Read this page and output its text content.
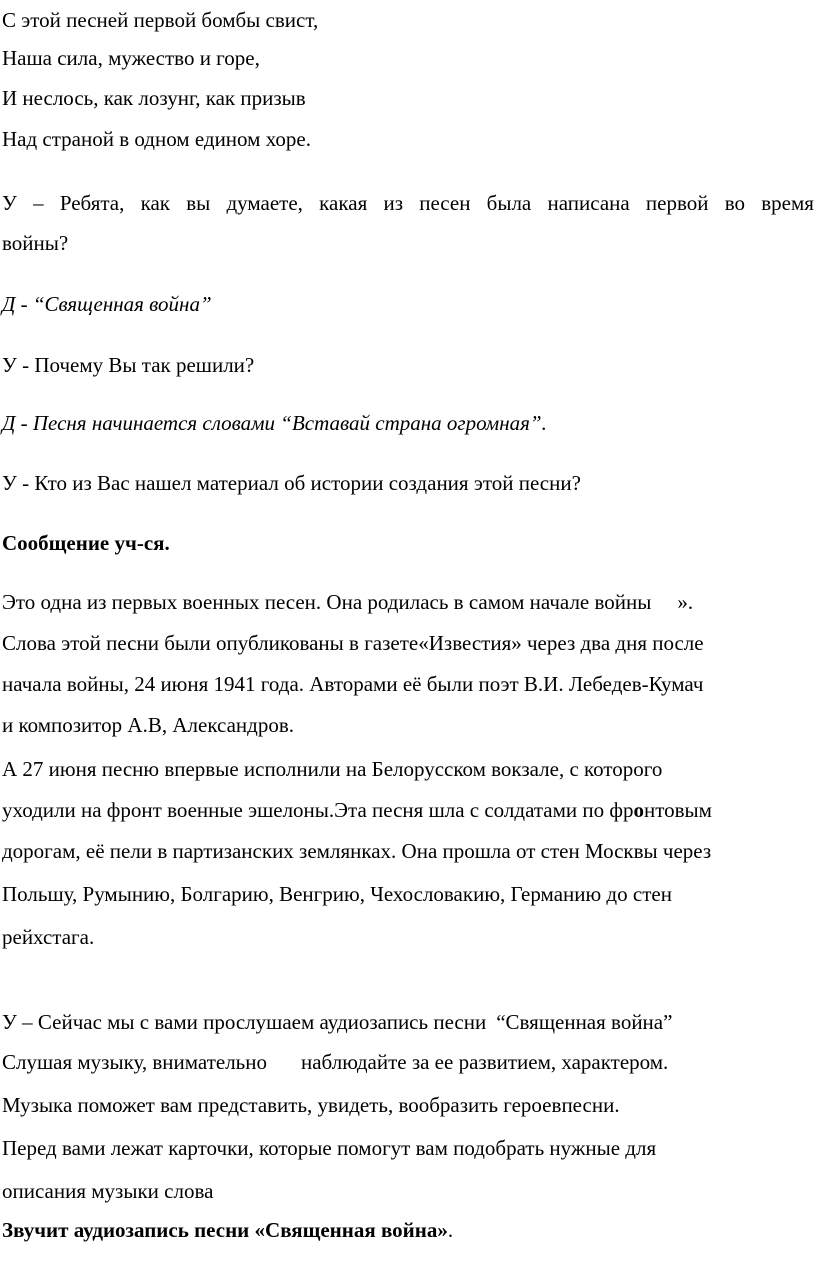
С этой песней первой бомбы свист,
Наша сила, мужество и горе,
И неслось, как лозунг, как призыв
Над страной в одном едином хоре.
У – Ребята, как вы думаете, какая из песен была написана первой во время
войны?
Д - “Священная война”
У - Почему Вы так решили?
Д - Песня начинается словами “Вставай страна огромная”.
У - Кто из Вас нашел материал об истории создания этой песни?
Сообщение уч-ся.
Это одна из первых военных песен. Она родилась в самом начале войны ».
Слова этой песни были опубликованы в газете«Известия» через два дня после
начала войны, 24 июня 1941 года. Авторами её были поэт В.И. Лебедев-Кумач
и композитор А.В, Александров.
А 27 июня песню впервые исполнили на Белорусском вокзале, с которого
уходили на фронт военные эшелоны.Эта песня шла с солдатами по фронтовым
дорогам, её пели в партизанских землянках. Она прошла от стен Москвы через
Польшу, Румынию, Болгарию, Венгрию, Чехословакию, Германию до стен
рейхстага.
У – Сейчас мы с вами прослушаем аудиозапись песни “Священная война”
Слушая музыку, внимательно наблюдайте за ее развитием, характером.
Музыка поможет вам представить, увидеть, вообразить героевпесни.
Перед вами лежат карточки, которые помогут вам подобрать нужные для
описания музыки слова
Звучит аудиозапись песни «Священная война».
